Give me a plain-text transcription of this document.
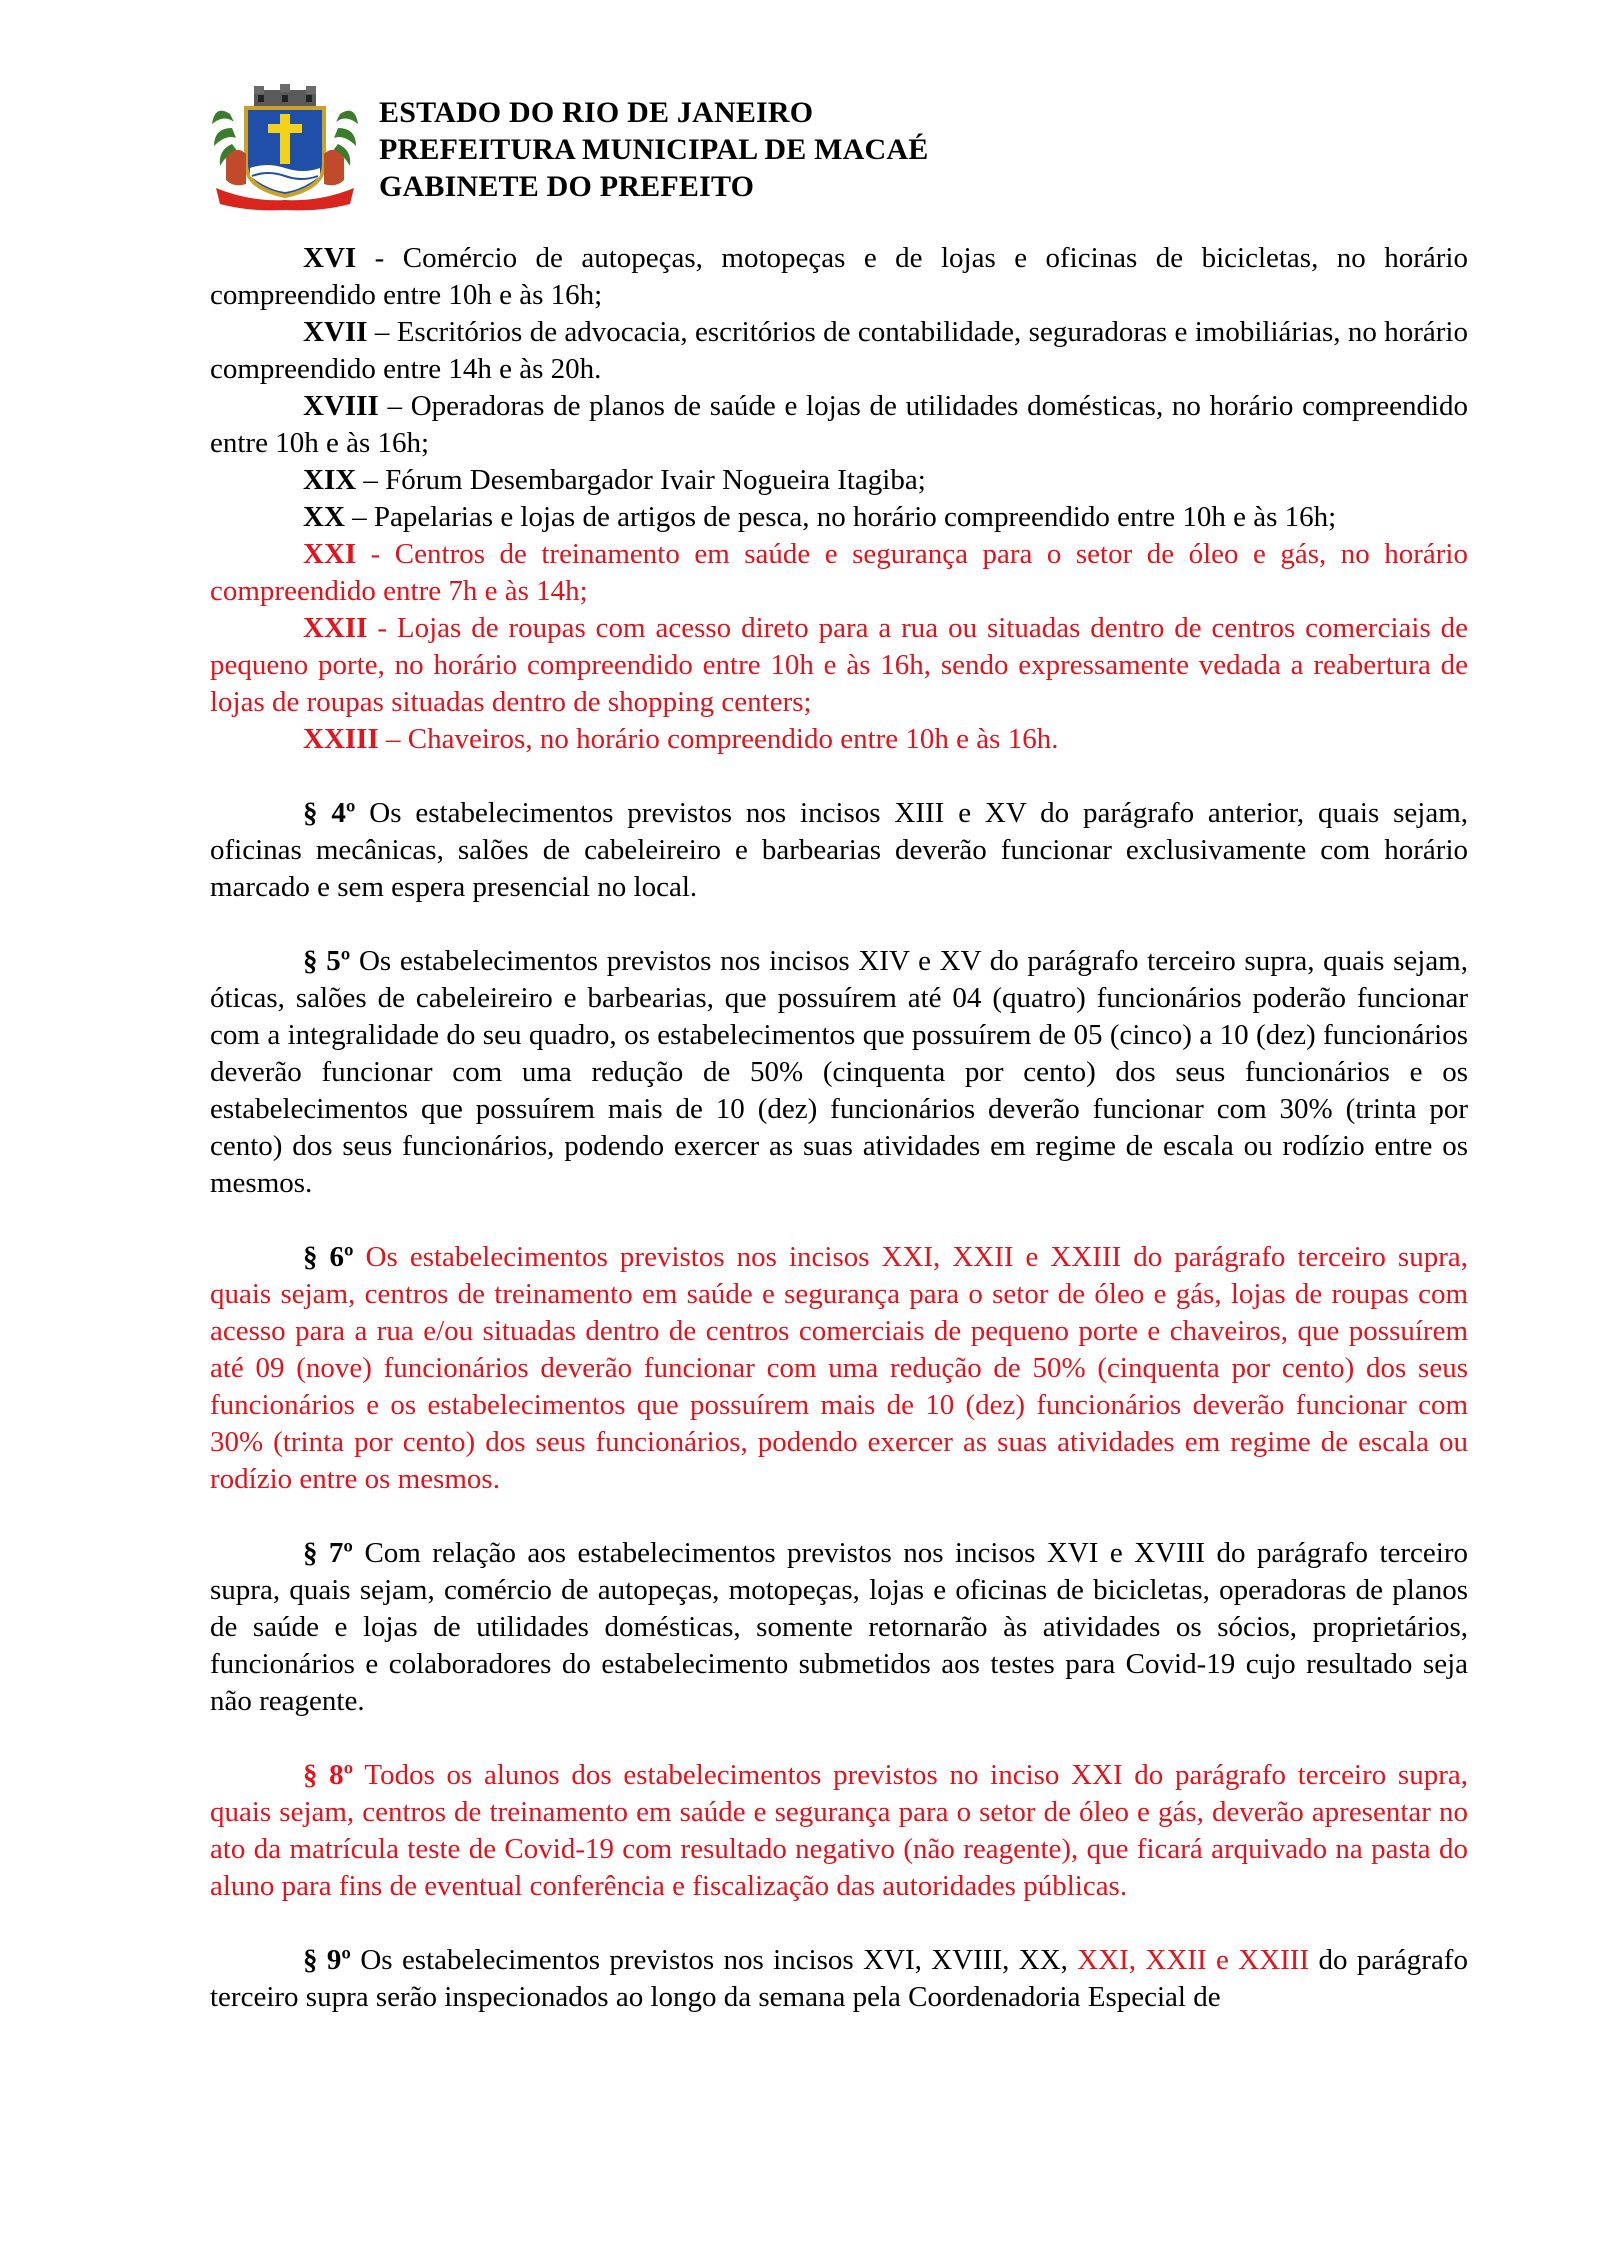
ESTADO DO RIO DE JANEIRO
PREFEITURA MUNICIPAL DE MACAÉ
GABINETE DO PREFEITO

XVI - Comércio de autopeças, motopeças e de lojas e oficinas de bicicletas, no horário compreendido entre 10h e às 16h;

XVII – Escritórios de advocacia, escritórios de contabilidade, seguradoras e imobiliárias, no horário compreendido entre 14h e às 20h.

XVIII – Operadoras de planos de saúde e lojas de utilidades domésticas, no horário compreendido entre 10h e às 16h;

XIX – Fórum Desembargador Ivair Nogueira Itagiba;

XX – Papelarias e lojas de artigos de pesca, no horário compreendido entre 10h e às 16h;

XXI - Centros de treinamento em saúde e segurança para o setor de óleo e gás, no horário compreendido entre 7h e às 14h;

XXII - Lojas de roupas com acesso direto para a rua ou situadas dentro de centros comerciais de pequeno porte, no horário compreendido entre 10h e às 16h, sendo expressamente vedada a reabertura de lojas de roupas situadas dentro de shopping centers;

XXIII – Chaveiros, no horário compreendido entre 10h e às 16h.

§ 4º Os estabelecimentos previstos nos incisos XIII e XV do parágrafo anterior, quais sejam, oficinas mecânicas, salões de cabeleireiro e barbearias deverão funcionar exclusivamente com horário marcado e sem espera presencial no local.

§ 5º Os estabelecimentos previstos nos incisos XIV e XV do parágrafo terceiro supra, quais sejam, óticas, salões de cabeleireiro e barbearias, que possuírem até 04 (quatro) funcionários poderão funcionar com a integralidade do seu quadro, os estabelecimentos que possuírem de 05 (cinco) a 10 (dez) funcionários deverão funcionar com uma redução de 50% (cinquenta por cento) dos seus funcionários e os estabelecimentos que possuírem mais de 10 (dez) funcionários deverão funcionar com 30% (trinta por cento) dos seus funcionários, podendo exercer as suas atividades em regime de escala ou rodízio entre os mesmos.

§ 6º Os estabelecimentos previstos nos incisos XXI, XXII e XXIII do parágrafo terceiro supra, quais sejam, centros de treinamento em saúde e segurança para o setor de óleo e gás, lojas de roupas com acesso para a rua e/ou situadas dentro de centros comerciais de pequeno porte e chaveiros, que possuírem até 09 (nove) funcionários deverão funcionar com uma redução de 50% (cinquenta por cento) dos seus funcionários e os estabelecimentos que possuírem mais de 10 (dez) funcionários deverão funcionar com 30% (trinta por cento) dos seus funcionários, podendo exercer as suas atividades em regime de escala ou rodízio entre os mesmos.

§ 7º Com relação aos estabelecimentos previstos nos incisos XVI e XVIII do parágrafo terceiro supra, quais sejam, comércio de autopeças, motopeças, lojas e oficinas de bicicletas, operadoras de planos de saúde e lojas de utilidades domésticas, somente retornarão às atividades os sócios, proprietários, funcionários e colaboradores do estabelecimento submetidos aos testes para Covid-19 cujo resultado seja não reagente.

§ 8º Todos os alunos dos estabelecimentos previstos no inciso XXI do parágrafo terceiro supra, quais sejam, centros de treinamento em saúde e segurança para o setor de óleo e gás, deverão apresentar no ato da matrícula teste de Covid-19 com resultado negativo (não reagente), que ficará arquivado na pasta do aluno para fins de eventual conferência e fiscalização das autoridades públicas.

§ 9º Os estabelecimentos previstos nos incisos XVI, XVIII, XX, XXI, XXII e XXIII do parágrafo terceiro supra serão inspecionados ao longo da semana pela Coordenadoria Especial de
